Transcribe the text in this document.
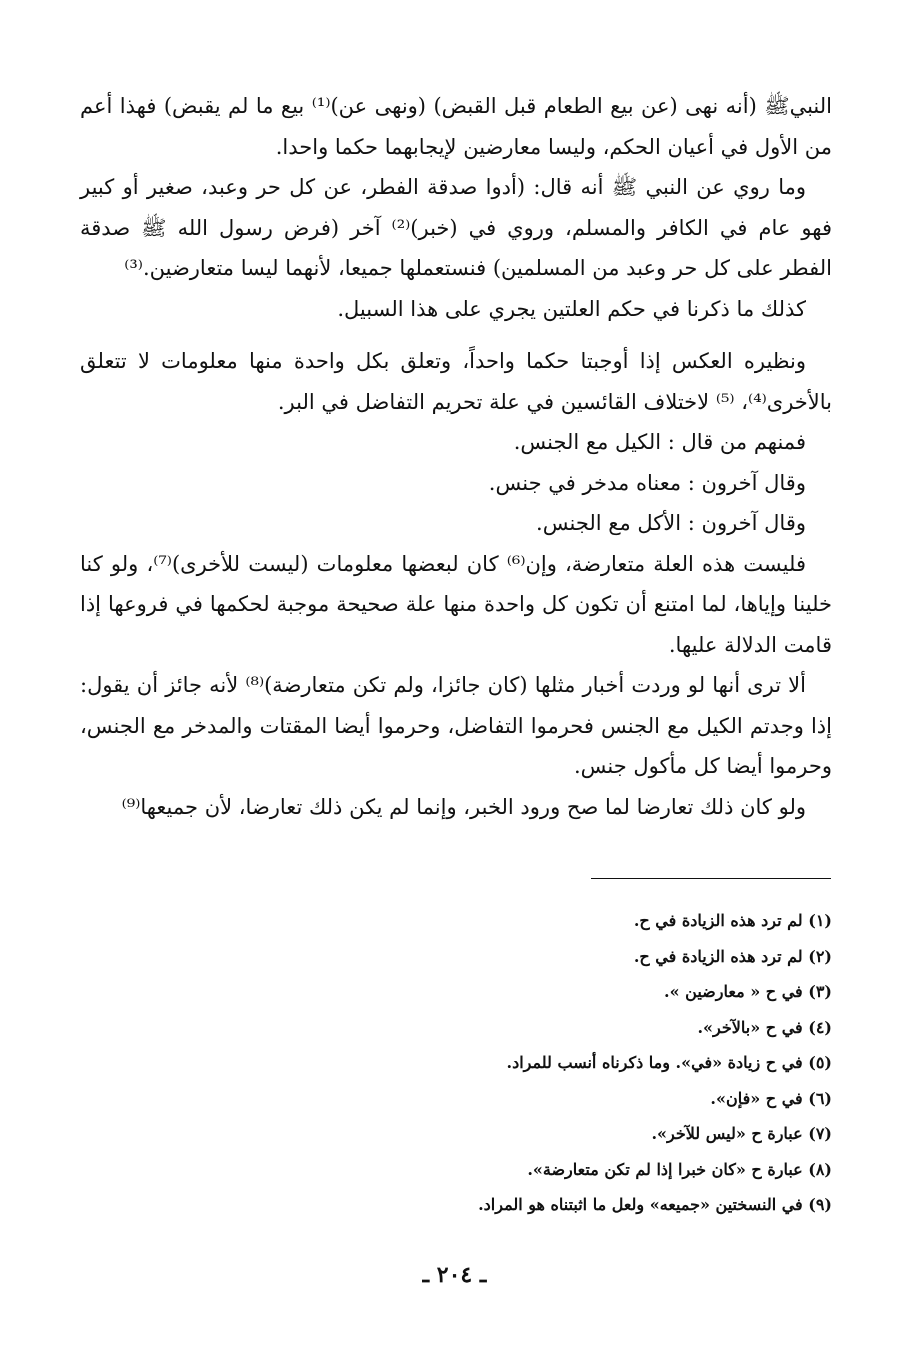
النبيﷺ (أنه نهى (عن بيع الطعام قبل القبض) (ونهى عن)⁽¹⁾ بيع ما لم يقبض) فهذا أعم من الأول في أعيان الحكم، وليسا معارضين لإيجابهما حكما واحدا.

وما روي عن النبي ﷺ أنه قال: (أدوا صدقة الفطر، عن كل حر وعبد، صغير أو كبير فهو عام في الكافر والمسلم، وروي في (خبر)⁽²⁾ آخر (فرض رسول الله ﷺ صدقة الفطر على كل حر وعبد من المسلمين) فنستعملها جميعا، لأنهما ليسا متعارضين.⁽³⁾

كذلك ما ذكرنا في حكم العلتين يجري على هذا السبيل.

ونظيره العكس إذا أوجبتا حكما واحداً، وتعلق بكل واحدة منها معلومات لا تتعلق بالأخرى⁽⁴⁾، ⁽⁵⁾ لاختلاف القائسين في علة تحريم التفاضل في البر.

فمنهم من قال : الكيل مع الجنس.

وقال آخرون : معناه مدخر في جنس.

وقال آخرون : الأكل مع الجنس.

فليست هذه العلة متعارضة، وإن⁽⁶⁾ كان لبعضها معلومات (ليست للأخرى)⁽⁷⁾، ولو كنا خلينا وإياها، لما امتنع أن تكون كل واحدة منها علة صحيحة موجبة لحكمها في فروعها إذا قامت الدلالة عليها.

ألا ترى أنها لو وردت أخبار مثلها (كان جائزا، ولم تكن متعارضة)⁽⁸⁾ لأنه جائز أن يقول: إذا وجدتم الكيل مع الجنس فحرموا التفاضل، وحرموا أيضا المقتات والمدخر مع الجنس، وحرموا أيضا كل مأكول جنس.

ولو كان ذلك تعارضا لما صح ورود الخبر، وإنما لم يكن ذلك تعارضا، لأن جميعها⁽⁹⁾

(١) لم ترد هذه الزيادة في ح.

(٢) لم ترد هذه الزيادة في ح.

(٣) في ح « معارضين ».

(٤) في ح «بالآخر».

(٥) في ح زيادة «في». وما ذكرناه أنسب للمراد.

(٦) في ح «فإن».

(٧) عبارة ح «ليس للآخر».

(٨) عبارة ح «كان خبرا إذا لم تكن متعارضة».

(٩) في النسختين «جميعه» ولعل ما اثبتناه هو المراد.

ـ ٢٠٤ ـ
